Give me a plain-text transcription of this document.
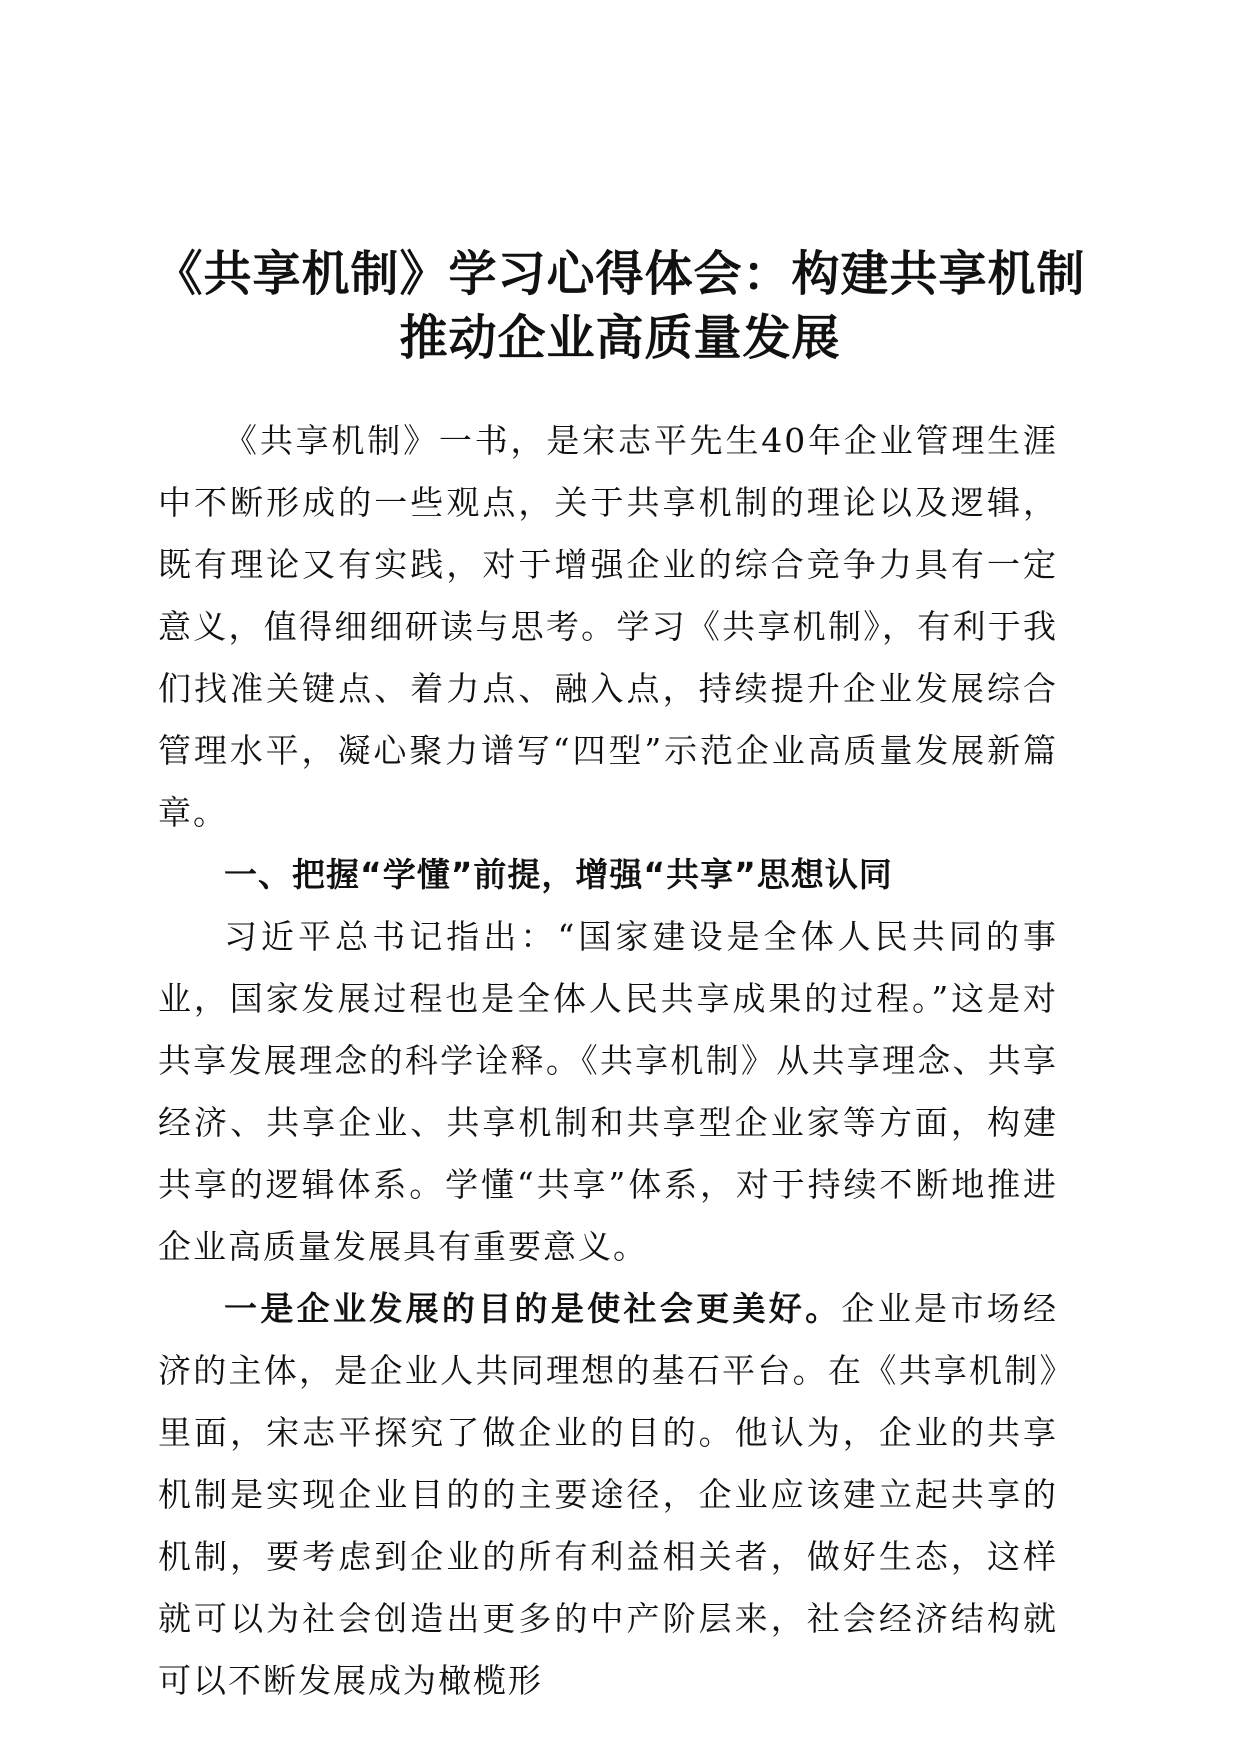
《共享机制》学习心得体会：构建共享机制
推动企业高质量发展

《共享机制》一书，是宋志平先生40年企业管理生涯中不断形成的一些观点，关于共享机制的理论以及逻辑，既有理论又有实践，对于增强企业的综合竞争力具有一定意义，值得细细研读与思考。学习《共享机制》，有利于我们找准关键点、着力点、融入点，持续提升企业发展综合管理水平，凝心聚力谱写“四型”示范企业高质量发展新篇章。

一、把握“学懂”前提，增强“共享”思想认同

习近平总书记指出：“国家建设是全体人民共同的事业，国家发展过程也是全体人民共享成果的过程。”这是对共享发展理念的科学诠释。《共享机制》从共享理念、共享经济、共享企业、共享机制和共享型企业家等方面，构建共享的逻辑体系。学懂“共享”体系，对于持续不断地推进企业高质量发展具有重要意义。

一是企业发展的目的是使社会更美好。企业是市场经济的主体，是企业人共同理想的基石平台。在《共享机制》里面，宋志平探究了做企业的目的。他认为，企业的共享机制是实现企业目的的主要途径，企业应该建立起共享的机制，要考虑到企业的所有利益相关者，做好生态，这样就可以为社会创造出更多的中产阶层来，社会经济结构就可以不断发展成为橄榄形
